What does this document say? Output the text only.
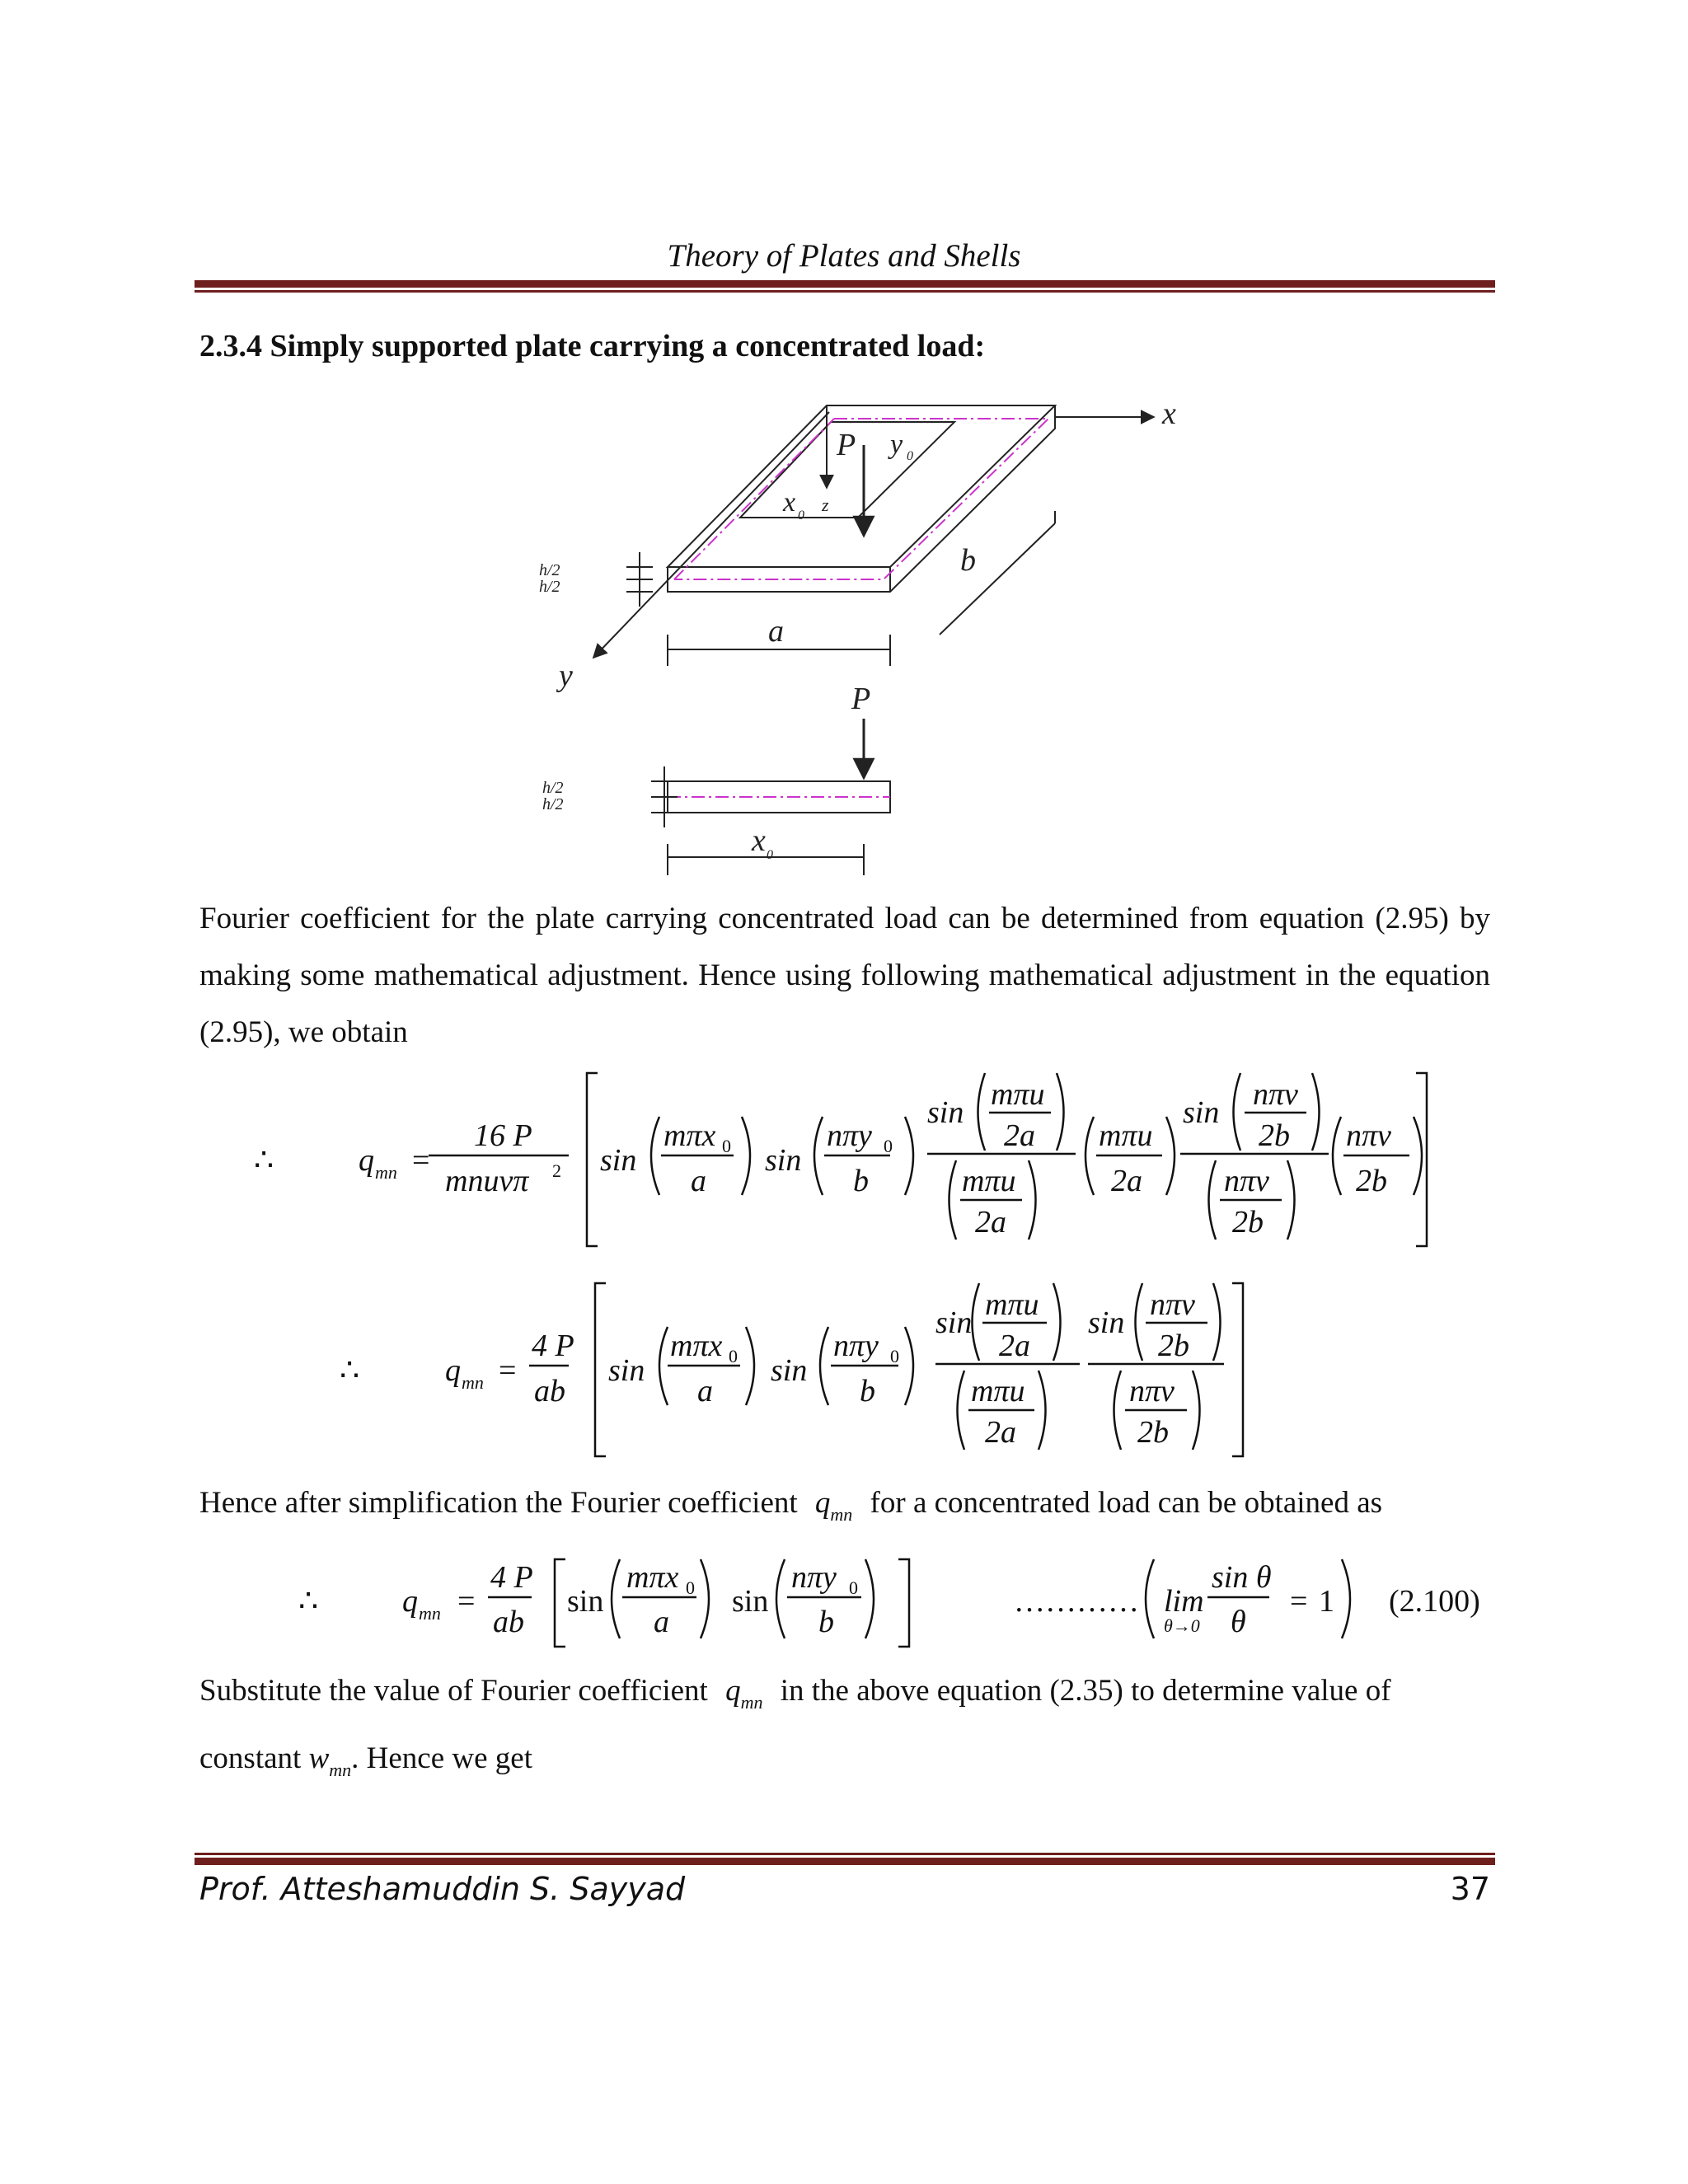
Theory of Plates and Shells
2.3.4 Simply supported plate carrying a concentrated load:
x
y
z
P y 0
x 0
b
a
h/2
h/2
P
h/2
h/2
x 0
Fourier coefficient for the plate carrying concentrated load can be determined from equation (2.95) by making some mathematical adjustment. Hence using following mathematical adjustment in the equation (2.95), we obtain
∴	q mn =
16 P
mnuvπ 2 sin
mπx 0
a
sin
nπy 0
b
sin
mπu
2a
mπu
2a
mπu
2a
sin
nπv
2b
nπv
2b
nπv
2b
∴	q mn =
4 P
ab
sin
mπx 0
a
sin
nπy 0
b
sin
mπu
2a
mπu
2a
sin
nπv
2b
nπv
2b
Hence after simplification the Fourier coefficient $q_{mn}$ for a concentrated load can be obtained as
∴	q mn =
4 P
ab
sin
mπx 0
a
sin
nπy 0
b
………… lim
θ→0
sin θ
θ
= 1 (2.100)
Substitute the value of Fourier coefficient $q_{mn}$ in the above equation (2.35) to determine value of
constant $w_{mn}$. Hence we get
Prof. Atteshamuddin S. Sayyad	37
